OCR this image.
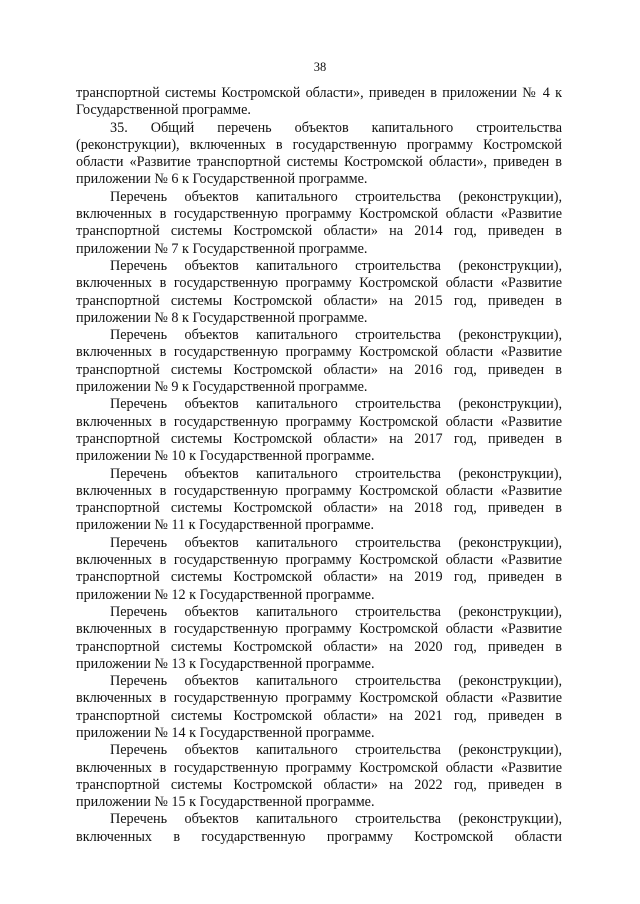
38

транспортной системы Костромской области», приведен в приложении № 4 к Государственной программе.

35. Общий перечень объектов капитального строительства (реконструкции), включенных в государственную программу Костромской области «Развитие транспортной системы Костромской области», приведен в приложении № 6 к Государственной программе.

Перечень объектов капитального строительства (реконструкции), включенных в государственную программу Костромской области «Развитие транспортной системы Костромской области» на 2014 год, приведен в приложении № 7 к Государственной программе.

Перечень объектов капитального строительства (реконструкции), включенных в государственную программу Костромской области «Развитие транспортной системы Костромской области» на 2015 год, приведен в приложении № 8 к Государственной программе.

Перечень объектов капитального строительства (реконструкции), включенных в государственную программу Костромской области «Развитие транспортной системы Костромской области» на 2016 год, приведен в приложении № 9 к Государственной программе.

Перечень объектов капитального строительства (реконструкции), включенных в государственную программу Костромской области «Развитие транспортной системы Костромской области» на 2017 год, приведен в приложении № 10 к Государственной программе.

Перечень объектов капитального строительства (реконструкции), включенных в государственную программу Костромской области «Развитие транспортной системы Костромской области» на 2018 год, приведен в приложении № 11 к Государственной программе.

Перечень объектов капитального строительства (реконструкции), включенных в государственную программу Костромской области «Развитие транспортной системы Костромской области» на 2019 год, приведен в приложении № 12 к Государственной программе.

Перечень объектов капитального строительства (реконструкции), включенных в государственную программу Костромской области «Развитие транспортной системы Костромской области» на 2020 год, приведен в приложении № 13 к Государственной программе.

Перечень объектов капитального строительства (реконструкции), включенных в государственную программу Костромской области «Развитие транспортной системы Костромской области» на 2021 год, приведен в приложении № 14 к Государственной программе.

Перечень объектов капитального строительства (реконструкции), включенных в государственную программу Костромской области «Развитие транспортной системы Костромской области» на 2022 год, приведен в приложении № 15 к Государственной программе.

Перечень объектов капитального строительства (реконструкции), включенных в государственную программу Костромской области
